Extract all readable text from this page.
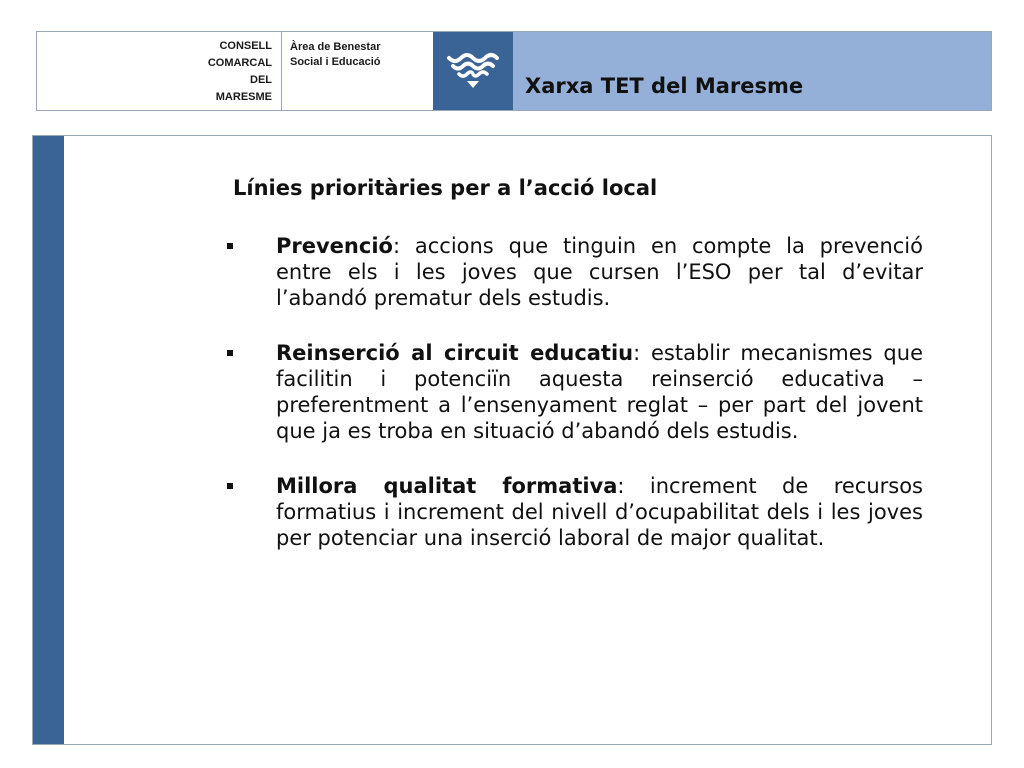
CONSELL
COMARCAL
DEL
MARESME
Àrea de Benestar
Social i Educació
Xarxa TET del Maresme
Línies prioritàries per a l’acció local
Prevenció: accions que tinguin en compte la prevenció entre els i les joves que cursen l’ESO per tal d’evitar l’abandó prematur dels estudis.
Reinserció al circuit educatiu: establir mecanismes que facilitin i potenciïn aquesta reinserció educativa – preferentment a l’ensenyament reglat – per part del jovent que ja es troba en situació d’abandó dels estudis.
Millora qualitat formativa: increment de recursos formatius i increment del nivell d’ocupabilitat dels i les joves per potenciar una inserció laboral de major qualitat.
